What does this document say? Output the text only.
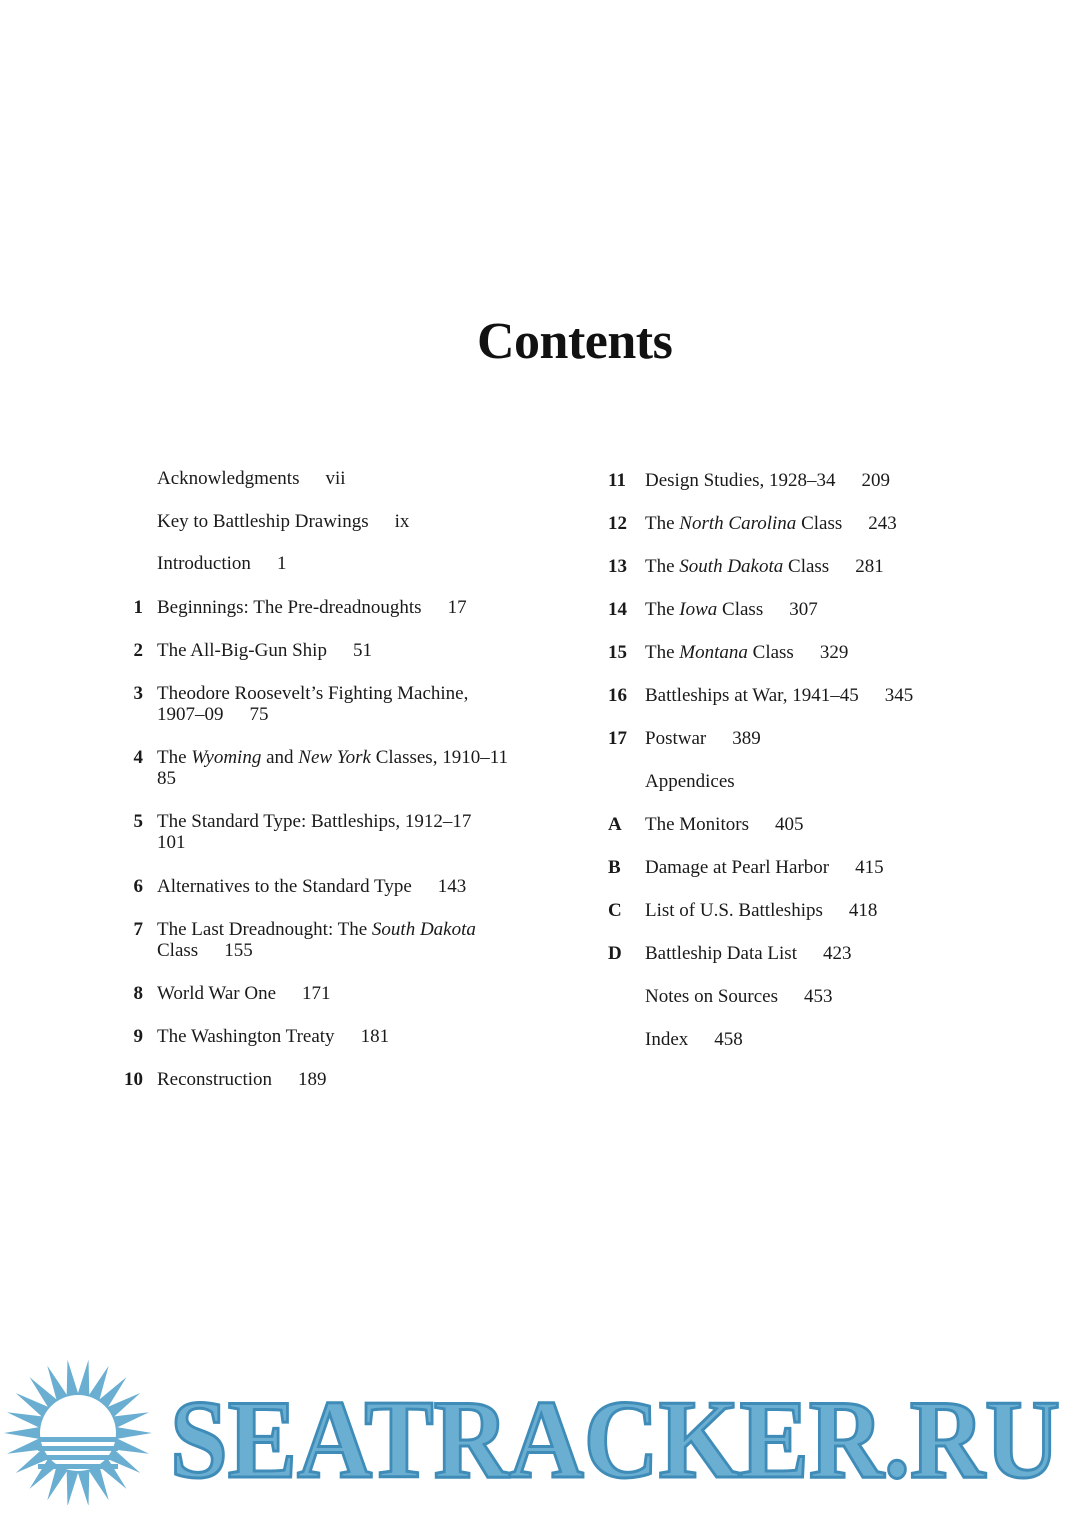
Contents
Acknowledgments vii
Key to Battleship Drawings ix
Introduction 1
1 Beginnings: The Pre-dreadnoughts 17
2 The All-Big-Gun Ship 51
3 Theodore Roosevelt’s Fighting Machine,
1907–09 75
4 The Wyoming and New York Classes, 1910–11
85
5 The Standard Type: Battleships, 1912–17
101
6 Alternatives to the Standard Type 143
7 The Last Dreadnought: The South Dakota
Class 155
8 World War One 171
9 The Washington Treaty 181
10 Reconstruction 189
11	Design Studies, 1928–34 209
12 The North Carolina Class 243
13 The South Dakota Class 281
14 The Iowa Class 307
15 The Montana Class 329
16 Battleships at War, 1941–45 345
17 Postwar 389
Appendices
A	The Monitors 405
B	Damage at Pearl Harbor 415
C	List of U.S. Battleships 418
D	Battleship Data List 423
Notes on Sources 453
Index 458
SEATRACKER.RU
